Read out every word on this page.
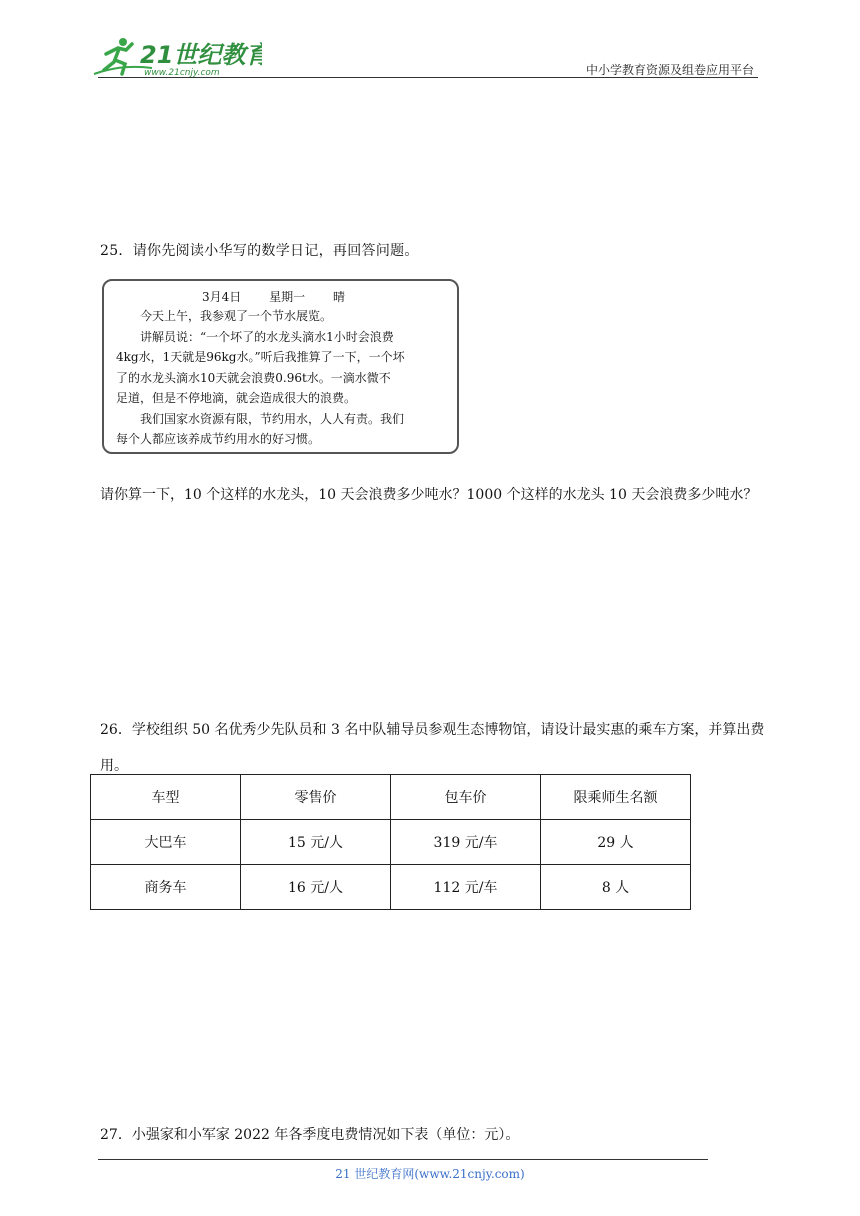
21世纪教育
www.21cnjy.com	中小学教育资源及组卷应用平台
25．请你先阅读小华写的数学日记，再回答问题。
3月4日 星期一 晴
今天上午，我参观了一个节水展览。
讲解员说：“一个坏了的水龙头滴水1小时会浪费
4kg水，1天就是96kg水。”听后我推算了一下，一个坏
了的水龙头滴水10天就会浪费0.96t水。一滴水微不
足道，但是不停地滴，就会造成很大的浪费。
我们国家水资源有限，节约用水，人人有责。我们
每个人都应该养成节约用水的好习惯。
请你算一下，10 个这样的水龙头，10 天会浪费多少吨水？1000 个这样的水龙头 10 天会浪费多少吨水？
26．学校组织 50 名优秀少先队员和 3 名中队辅导员参观生态博物馆，请设计最实惠的乘车方案，并算出费用。
车型	零售价	包车价	限乘师生名额
大巴车	15 元/人	319 元/车	29 人
商务车	16 元/人	112 元/车	8 人
27．小强家和小军家 2022 年各季度电费情况如下表（单位：元）。
21 世纪教育网(www.21cnjy.com)
